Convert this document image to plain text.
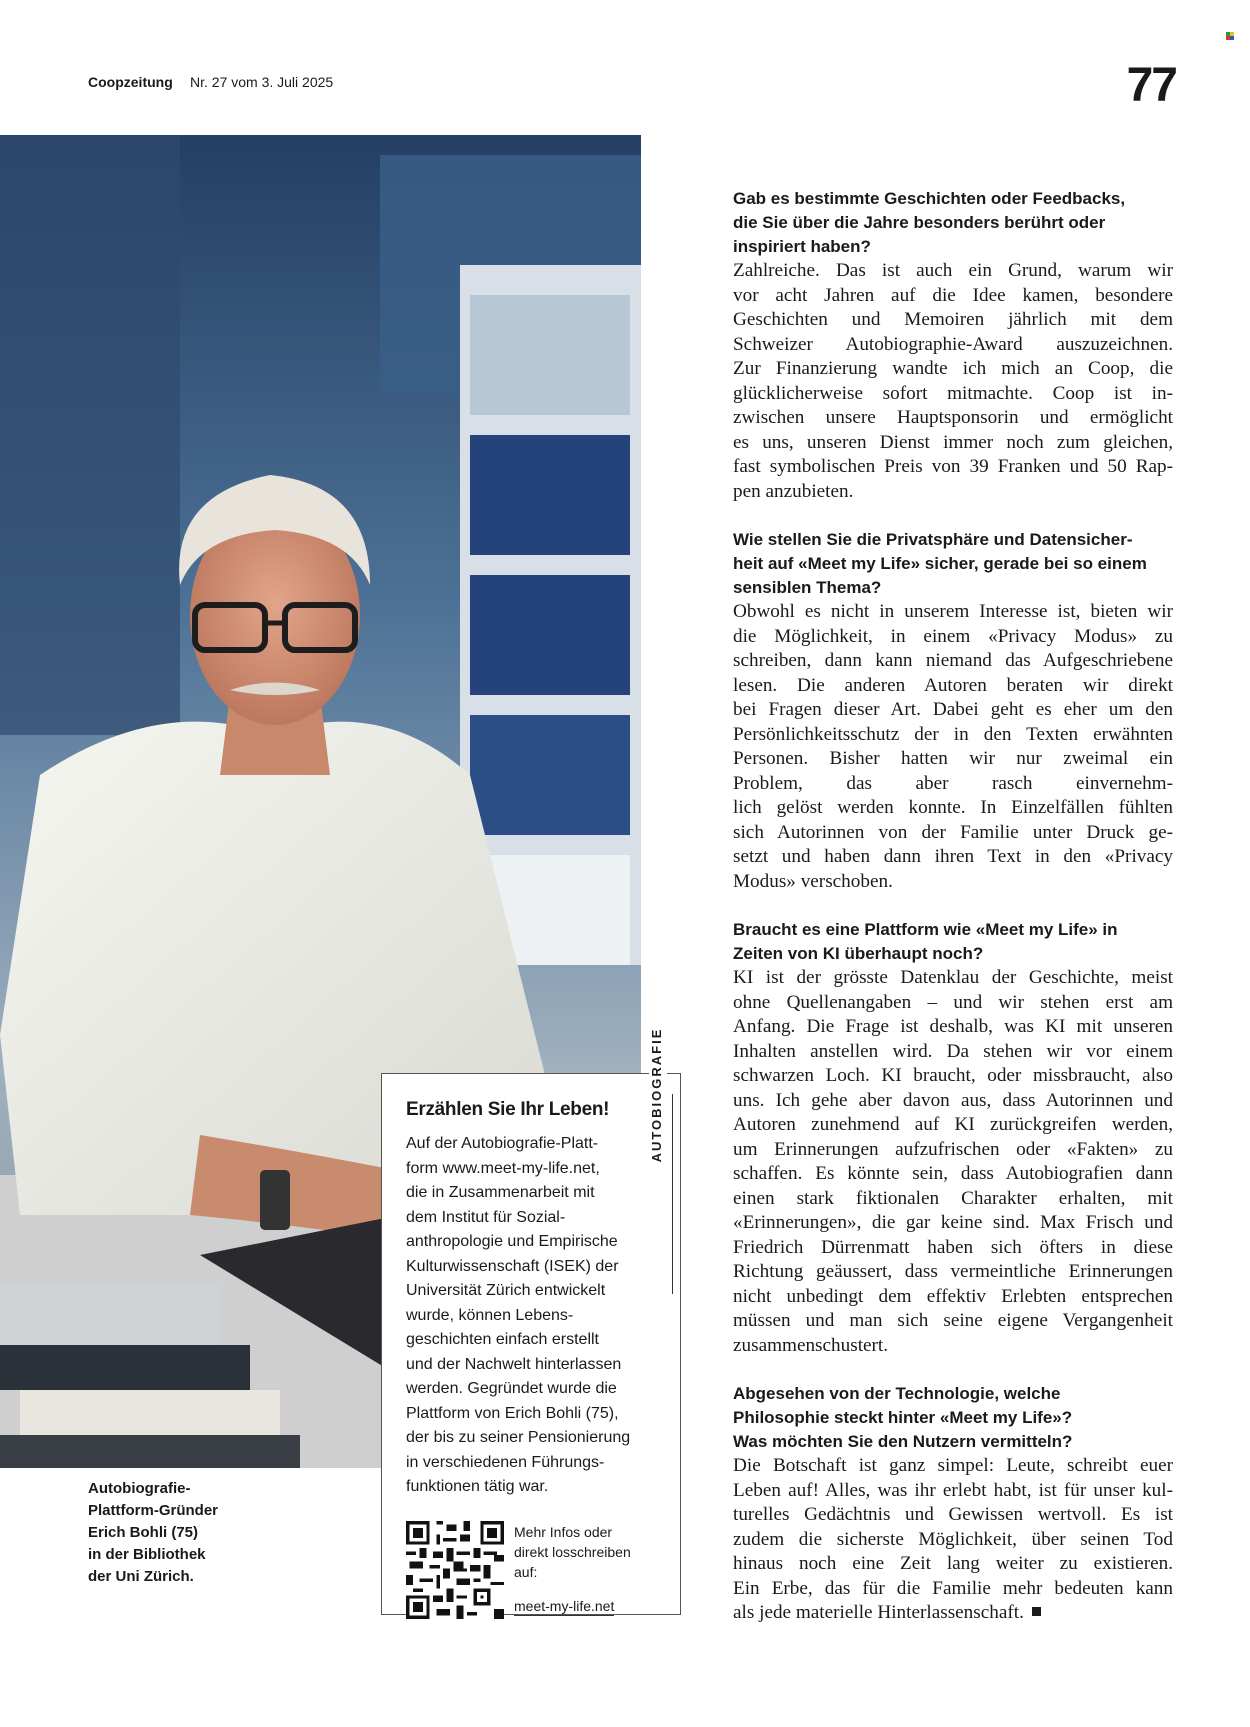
Coopzeitung Nr. 27 vom 3. Juli 2025	77
Autobiografie-
Plattform-Gründer
Erich Bohli (75)
in der Bibliothek
der Uni Zürich.
Erzählen Sie Ihr Leben!
Auf der Autobiografie-Platt-
form www.meet-my-life.net,
die in Zusammenarbeit mit
dem Institut für Sozial-
anthropologie und Empirische
Kulturwissenschaft (ISEK) der
Universität Zürich entwickelt
wurde, können Lebens-
geschichten einfach erstellt
und der Nachwelt hinterlassen
werden. Gegründet wurde die
Plattform von Erich Bohli (75),
der bis zu seiner Pensionierung
in verschiedenen Führungs-
funktionen tätig war.
AUTOBIOGRAFIE
Mehr Infos oder
direkt losschreiben
auf:
meet-my-life.net
Gab es bestimmte Geschichten oder Feedbacks,
die Sie über die Jahre besonders berührt oder
inspiriert haben?
Zahlreiche. Das ist auch ein Grund, warum wir
vor acht Jahren auf die Idee kamen, besondere
Geschichten und Memoiren jährlich mit dem
Schweizer Autobiographie-Award auszuzeichnen.
Zur Finanzierung wandte ich mich an Coop, die
glücklicherweise sofort mitmachte. Coop ist in-
zwischen unsere Hauptsponsorin und ermöglicht
es uns, unseren Dienst immer noch zum gleichen,
fast symbolischen Preis von 39 Franken und 50 Rap-
pen anzubieten.
Wie stellen Sie die Privatsphäre und Datensicher-
heit auf «Meet my Life» sicher, gerade bei so einem
sensiblen Thema?
Obwohl es nicht in unserem Interesse ist, bieten wir
die Möglichkeit, in einem «Privacy Modus» zu
schreiben, dann kann niemand das Aufgeschriebene
lesen. Die anderen Autoren beraten wir direkt
bei Fragen dieser Art. Dabei geht es eher um den
Persönlichkeitsschutz der in den Texten erwähnten
Personen. Bisher hatten wir nur zweimal ein
Problem, das aber rasch einvernehm-
lich gelöst werden konnte. In Einzelfällen fühlten
sich Autorinnen von der Familie unter Druck ge-
setzt und haben dann ihren Text in den «Privacy
Modus» verschoben.
Braucht es eine Plattform wie «Meet my Life» in
Zeiten von KI überhaupt noch?
KI ist der grösste Datenklau der Geschichte, meist
ohne Quellenangaben – und wir stehen erst am
Anfang. Die Frage ist deshalb, was KI mit unseren
Inhalten anstellen wird. Da stehen wir vor einem
schwarzen Loch. KI braucht, oder missbraucht, also
uns. Ich gehe aber davon aus, dass Autorinnen und
Autoren zunehmend auf KI zurückgreifen werden,
um Erinnerungen aufzufrischen oder «Fakten» zu
schaffen. Es könnte sein, dass Autobiografien dann
einen stark fiktionalen Charakter erhalten, mit
«Erinnerungen», die gar keine sind. Max Frisch und
Friedrich Dürrenmatt haben sich öfters in diese
Richtung geäussert, dass vermeintliche Erinnerungen
nicht unbedingt dem effektiv Erlebten entsprechen
müssen und man sich seine eigene Vergangenheit
zusammenschustert.
Abgesehen von der Technologie, welche
Philosophie steckt hinter «Meet my Life»?
Was möchten Sie den Nutzern vermitteln?
Die Botschaft ist ganz simpel: Leute, schreibt euer
Leben auf! Alles, was ihr erlebt habt, ist für unser kul-
turelles Gedächtnis und Gewissen wertvoll. Es ist
zudem die sicherste Möglichkeit, über seinen Tod
hinaus noch eine Zeit lang weiter zu existieren.
Ein Erbe, das für die Familie mehr bedeuten kann
als jede materielle Hinterlassenschaft.
